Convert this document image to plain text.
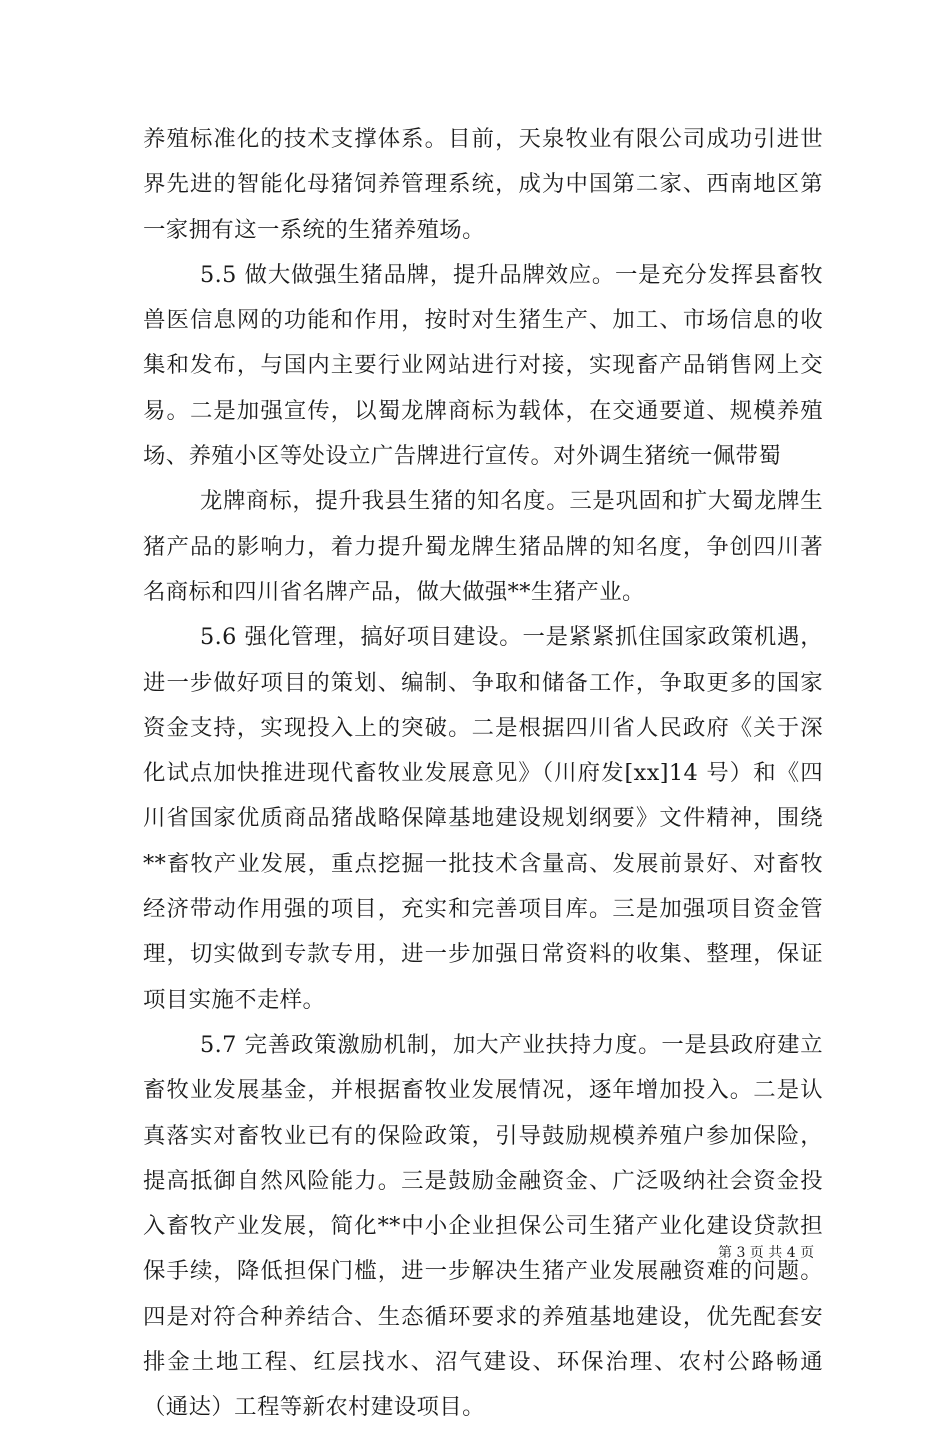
养殖标准化的技术支撑体系。目前，天泉牧业有限公司成功引进世界先进的智能化母猪饲养管理系统，成为中国第二家、西南地区第一家拥有这一系统的生猪养殖场。

5.5 做大做强生猪品牌，提升品牌效应。一是充分发挥县畜牧兽医信息网的功能和作用，按时对生猪生产、加工、市场信息的收集和发布，与国内主要行业网站进行对接，实现畜产品销售网上交易。二是加强宣传，以蜀龙牌商标为载体，在交通要道、规模养殖场、养殖小区等处设立广告牌进行宣传。对外调生猪统一佩带蜀

龙牌商标，提升我县生猪的知名度。三是巩固和扩大蜀龙牌生猪产品的影响力，着力提升蜀龙牌生猪品牌的知名度，争创四川著名商标和四川省名牌产品，做大做强**生猪产业。

5.6 强化管理，搞好项目建设。一是紧紧抓住国家政策机遇，进一步做好项目的策划、编制、争取和储备工作，争取更多的国家资金支持，实现投入上的突破。二是根据四川省人民政府《关于深化试点加快推进现代畜牧业发展意见》（川府发[xx]14 号）和《四川省国家优质商品猪战略保障基地建设规划纲要》文件精神，围绕**畜牧产业发展，重点挖掘一批技术含量高、发展前景好、对畜牧经济带动作用强的项目，充实和完善项目库。三是加强项目资金管理，切实做到专款专用，进一步加强日常资料的收集、整理，保证项目实施不走样。

5.7 完善政策激励机制，加大产业扶持力度。一是县政府建立畜牧业发展基金，并根据畜牧业发展情况，逐年增加投入。二是认真落实对畜牧业已有的保险政策，引导鼓励规模养殖户参加保险，提高抵御自然风险能力。三是鼓励金融资金、广泛吸纳社会资金投入畜牧产业发展，简化**中小企业担保公司生猪产业化建设贷款担保手续，降低担保门槛，进一步解决生猪产业发展融资难的问题。四是对符合种养结合、生态循环要求的养殖基地建设，优先配套安排金土地工程、红层找水、沼气建设、环保治理、农村公路畅通（通达）工程等新农村建设项目。

第 3 页 共 4 页
